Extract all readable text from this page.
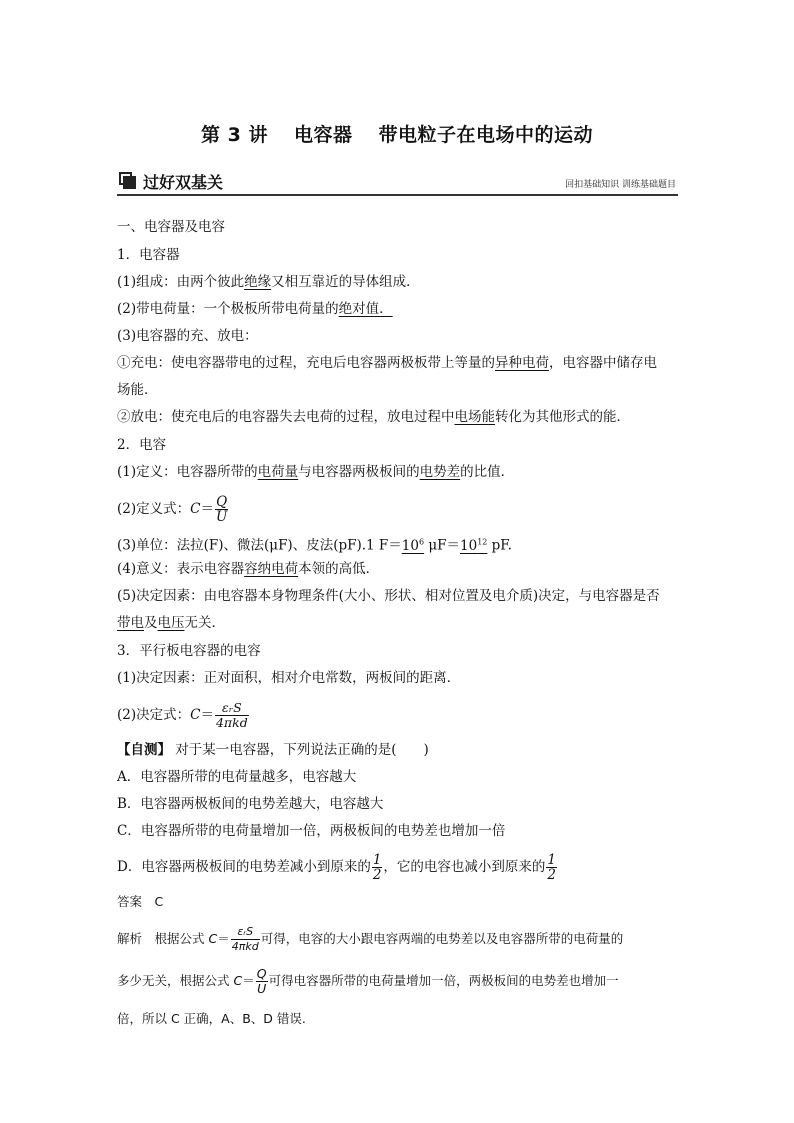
第 3 讲 电容器 带电粒子在电场中的运动
过好双基关	回扣基础知识 训练基础题目
一、电容器及电容
1．电容器
(1)组成：由两个彼此绝缘又相互靠近的导体组成．
(2)带电荷量：一个极板所带电荷量的绝对值．
(3)电容器的充、放电：
①充电：使电容器带电的过程，充电后电容器两极板带上等量的异种电荷，电容器中储存电
场能．
②放电：使充电后的电容器失去电荷的过程，放电过程中电场能转化为其他形式的能．
2．电容
(1)定义：电容器所带的电荷量与电容器两极板间的电势差的比值．
(2)定义式：$C= \frac{Q}{U}$
(3)单位：法拉(F)、微法(μF)、皮法(pF).1 $F=10^6$ $\mu F=10^{12}$ pF.
(4)意义：表示电容器容纳电荷本领的高低．
(5)决定因素：由电容器本身物理条件(大小、形状、相对位置及电介质)决定，与电容器是否
带电及电压无关．
3．平行板电容器的电容
(1)决定因素：正对面积，相对介电常数，两板间的距离．
(2)决定式：$C= \frac{\text{εᵣS}}{\text{4πkd}}$
【自测】 对于某一电容器，下列说法正确的是(　　)
A．电容器所带的电荷量越多，电容越大
B．电容器两极板间的电势差越大，电容越大
C．电容器所带的电荷量增加一倍，两极板间的电势差也增加一倍
D．电容器两极板间的电势差减小到原来的 $\frac{1}{2}$ ，它的电容也减小到原来的 $\frac{1}{2}$
答案　C
解析　根据公式 $C= \frac{\text{εᵣS}}{\text{4πkd}}$ 可得，电容的大小跟电容两端的电势差以及电容器所带的电荷量的
多少无关，根据公式 $C= \frac{Q}{U}$ 可得电容器所带的电荷量增加一倍，两极板间的电势差也增加一
倍，所以 C 正确，A、B、D 错误.
